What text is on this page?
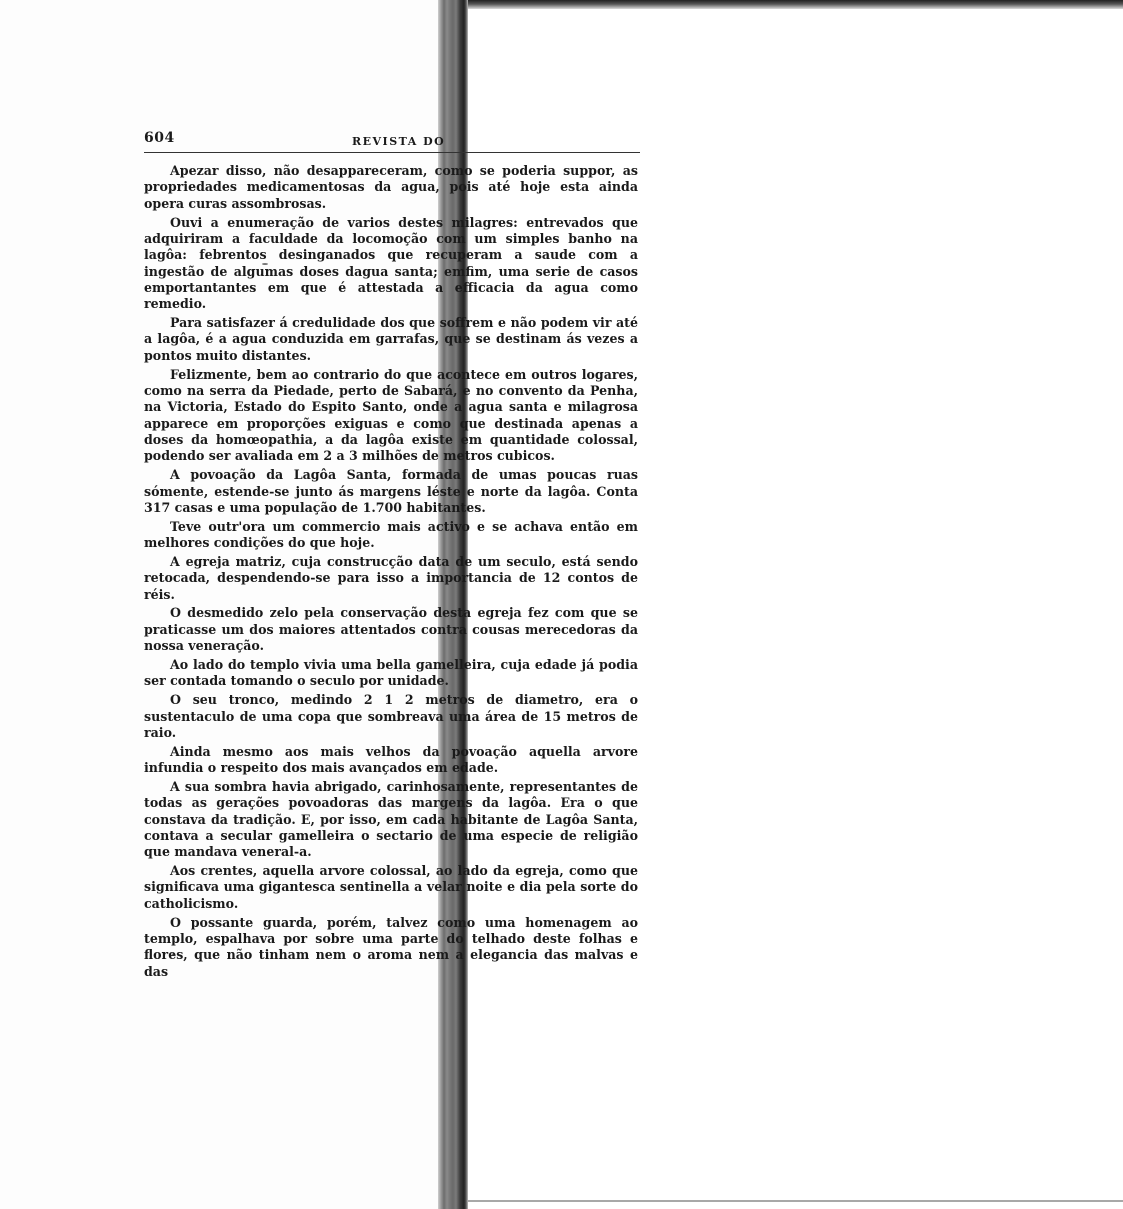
604	REVISTA DO

Apezar disso, não desappareceram, como se poderia suppor, as propriedades medicamentosas da agua, pois até hoje esta ainda opera curas assombrosas.

Ouvi a enumeração de varios destes milagres: entrevados que adquiriram a faculdade da locomoção com um simples banho na lagôa: febrentos desinganados que recuperam a saude com a ingestão de algumas doses dagua santa; emfim, uma serie de casos emportantantes em que é attestada a efficacia da agua como remedio.

Para satisfazer á credulidade dos que soffrem e não podem vir até a lagôa, é a agua conduzida em garrafas, que se destinam ás vezes a pontos muito distantes.

Felizmente, bem ao contrario do que acontece em outros logares, como na serra da Piedade, perto de Sabará, e no convento da Penha, na Victoria, Estado do Espito Santo, onde a agua santa e milagrosa apparece em proporções exiguas e como que destinada apenas a doses da homœopathia, a da lagôa existe em quantidade colossal, podendo ser avaliada em 2 a 3 milhões de metros cubicos.

A povoação da Lagôa Santa, formada de umas poucas ruas sómente, estende-se junto ás margens léste e norte da lagôa. Conta 317 casas e uma população de 1.700 habitantes.

Teve outr'ora um commercio mais activo e se achava então em melhores condições do que hoje.

A egreja matriz, cuja construcção data de um seculo, está sendo retocada, despendendo-se para isso a importancia de 12 contos de réis.

O desmedido zelo pela conservação desta egreja fez com que se praticasse um dos maiores attentados contra cousas merecedoras da nossa veneração.

Ao lado do templo vivia uma bella gamelleira, cuja edade já podia ser contada tomando o seculo por unidade.

O seu tronco, medindo 2 1 2 metros de diametro, era o sustentaculo de uma copa que sombreava uma área de 15 metros de raio.

Ainda mesmo aos mais velhos da povoação aquella arvore infundia o respeito dos mais avançados em edade.

A sua sombra havia abrigado, carinhosamente, representantes de todas as gerações povoadoras das margens da lagôa. Era o que constava da tradição. E, por isso, em cada habitante de Lagôa Santa, contava a secular gamelleira o sectario de uma especie de religião que mandava veneral-a.

Aos crentes, aquella arvore colossal, ao lado da egreja, como que significava uma gigantesca sentinella a velar noite e dia pela sorte do catholicismo.

O possante guarda, porém, talvez como uma homenagem ao templo, espalhava por sobre uma parte do telhado deste folhas e flores, que não tinham nem o aroma nem a elegancia das malvas e das
